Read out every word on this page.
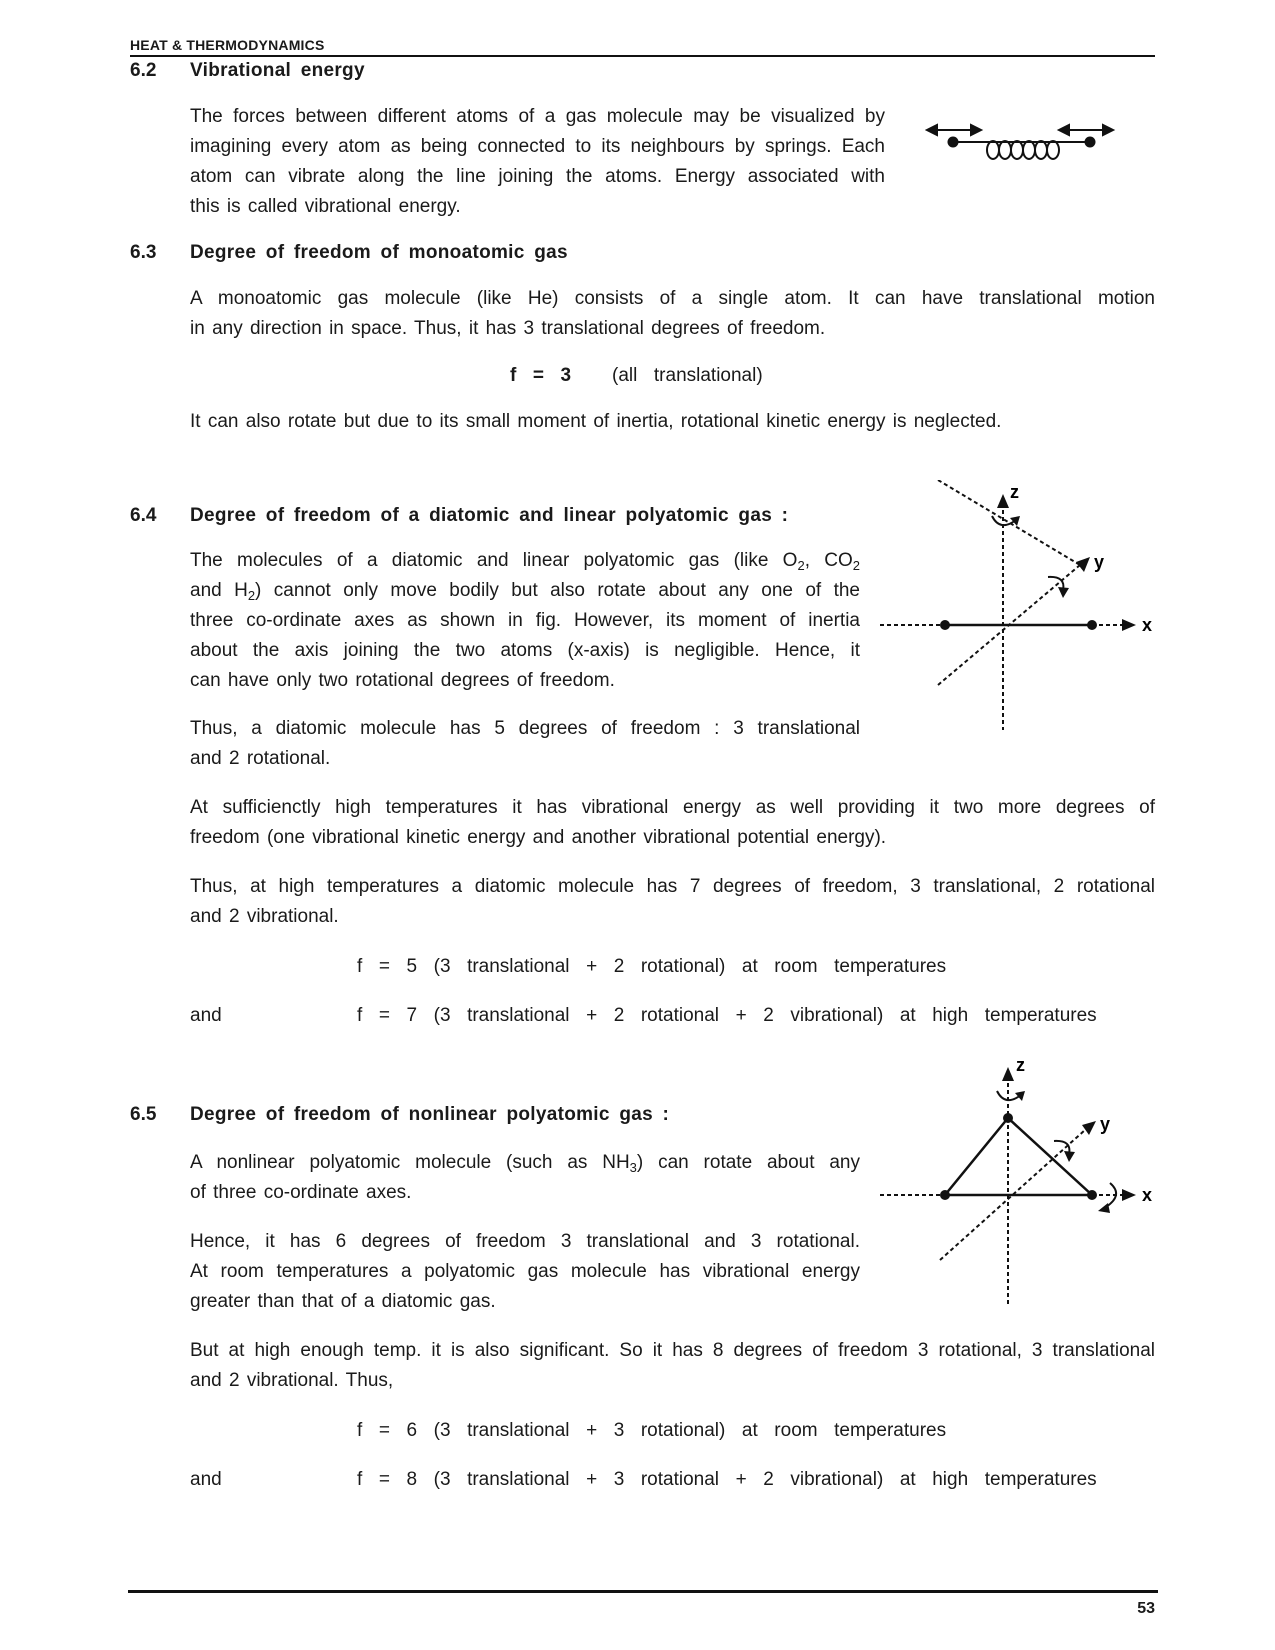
HEAT & THERMODYNAMICS
6.2 Vibrational energy
The forces between different atoms of a gas molecule may be visualized by
imagining every atom as being connected to its neighbours by springs. Each
atom can vibrate along the line joining the atoms. Energy associated with
this is called vibrational energy.
6.3 Degree of freedom of monoatomic gas
A monoatomic gas molecule (like He) consists of a single atom. It can have translational motion
in any direction in space. Thus, it has 3 translational degrees of freedom.
f  =  3 (all  translational)
It can also rotate but due to its small moment of inertia, rotational kinetic energy is neglected.
6.4 Degree of freedom of a diatomic and linear polyatomic gas :
The molecules of a diatomic and linear polyatomic gas (like $O_2$, $CO_2$
and $H_2$) cannot only move bodily but also rotate about any one of the
three co-ordinate axes as shown in fig. However, its moment of inertia
about the axis joining the two atoms (x-axis) is negligible. Hence, it
can have only two rotational degrees of freedom.
Thus, a diatomic molecule has 5 degrees of freedom : 3 translational
and 2 rotational.
At sufficienctly high temperatures it has vibrational energy as well providing it two more degrees of
freedom (one vibrational kinetic energy and another vibrational potential energy).
Thus, at high temperatures a diatomic molecule has 7 degrees of freedom, 3 translational, 2 rotational
and 2 vibrational.
f  =  5  (3  translational  +  2  rotational)  at  room  temperatures
and	f  =  7  (3  translational  +  2  rotational  +  2  vibrational)  at  high  temperatures
z
y
x
6.5 Degree of freedom of nonlinear polyatomic gas :
A nonlinear polyatomic molecule (such as $NH_3$) can rotate about any
of three co-ordinate axes.
Hence, it has 6 degrees of freedom 3 translational and 3 rotational.
At room temperatures a polyatomic gas molecule has vibrational energy
greater than that of a diatomic gas.
But at high enough temp. it is also significant. So it has 8 degrees of freedom 3 rotational, 3 translational
and 2 vibrational. Thus,
f  =  6  (3  translational  +  3  rotational)  at  room  temperatures
and	f  =  8  (3  translational  +  3  rotational  +  2  vibrational)  at  high  temperatures
z
y
x
53
